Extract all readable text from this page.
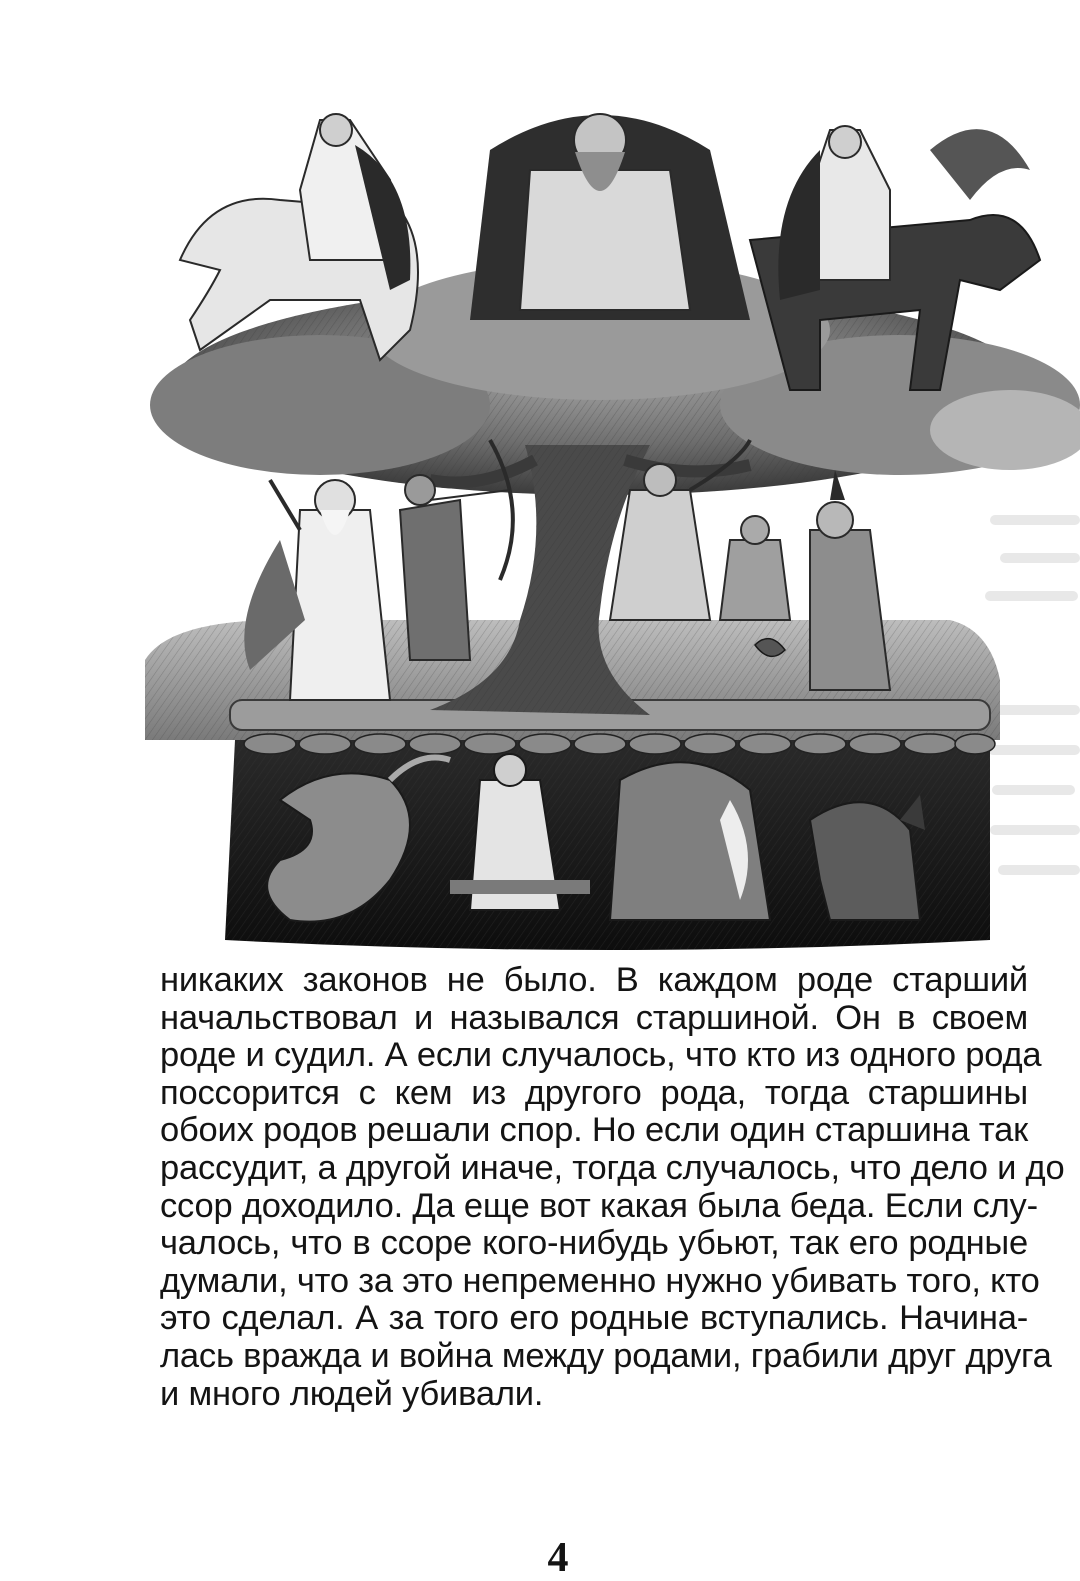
никаких законов не было. В каждом роде старший
начальствовал и назывался старшиной. Он в своем
роде и судил. А если случалось, что кто из одного рода
поссорится с кем из другого рода, тогда старшины
обоих родов решали спор. Но если один старшина так
рассудит, а другой иначе, тогда случалось, что дело и до
ссор доходило. Да еще вот какая была беда. Если слу-
чалось, что в ссоре кого-нибудь убьют, так его родные
думали, что за это непременно нужно убивать того, кто
это сделал. А за того его родные вступались. Начина-
лась вражда и война между родами, грабили друг друга
и много людей убивали.
4
